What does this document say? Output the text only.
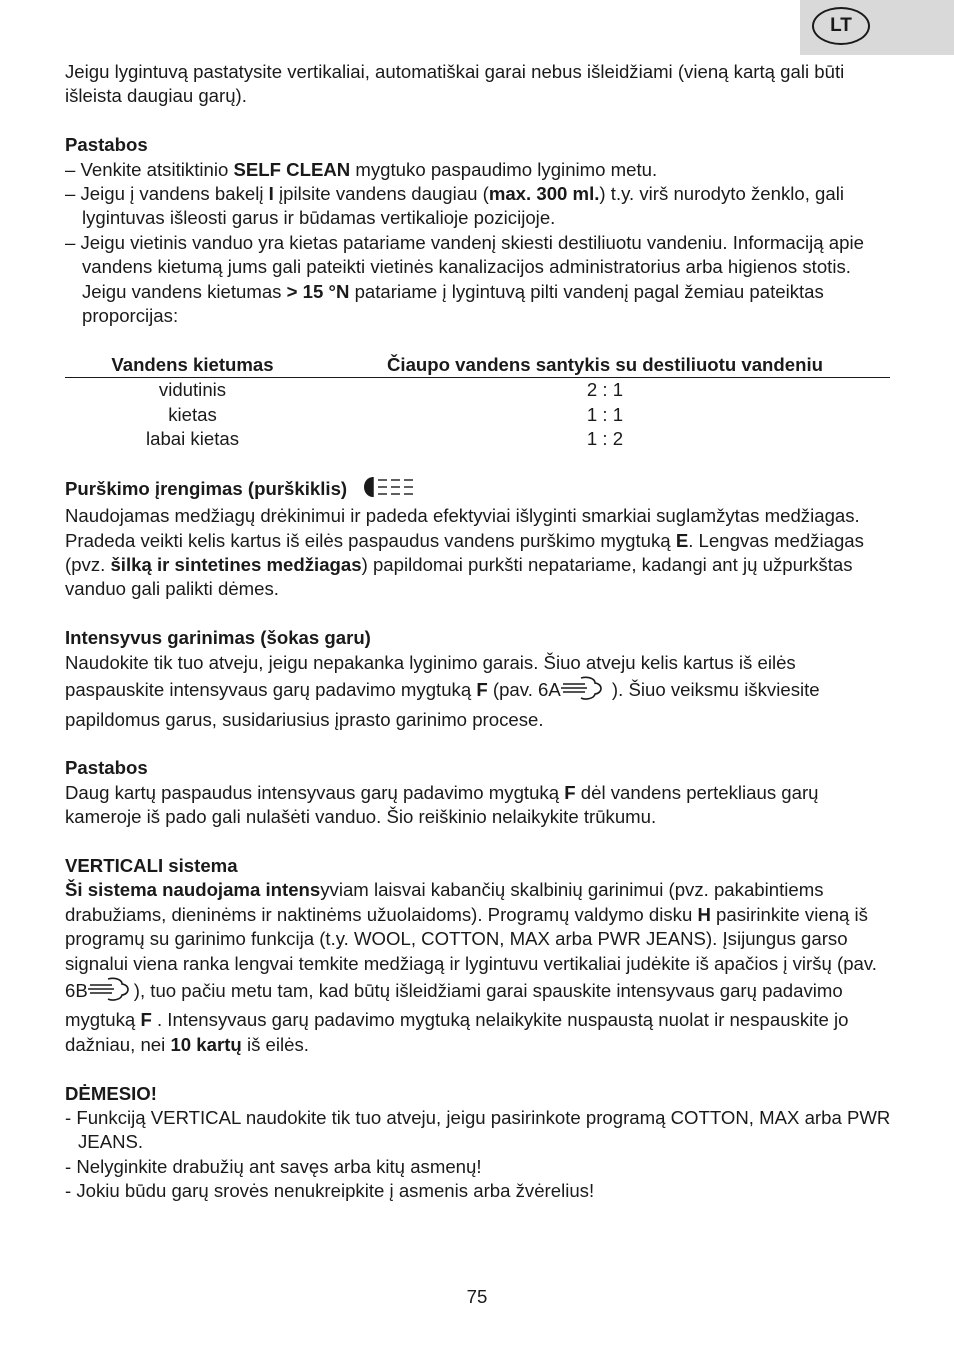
LT

Jeigu lygintuvą pastatysite vertikaliai, automatiškai garai nebus išleidžiami (vieną kartą gali būti išleista daugiau garų).

Pastabos

– Venkite atsitiktinio SELF CLEAN mygtuko paspaudimo lyginimo metu.

– Jeigu į vandens bakelį I įpilsite vandens daugiau (max. 300 ml.) t.y. virš nurodyto ženklo, gali lygintuvas išleosti garus ir būdamas vertikalioje pozicijoje.

– Jeigu vietinis vanduo yra kietas patariame vandenį skiesti destiliuotu vandeniu. Informaciją apie vandens kietumą jums gali pateikti vietinės kanalizacijos administratorius arba higienos stotis. Jeigu vandens kietumas > 15 °N patariame į lygintuvą pilti vandenį pagal žemiau pateiktas proporcijas:

Vandens kietumas	Čiaupo vandens santykis su destiliuotu vandeniu
vidutinis	2 : 1
kietas	1 : 1
labai kietas	1 : 2

Purškimo įrengimas (purškiklis)

Naudojamas medžiagų drėkinimui ir padeda efektyviai išlyginti smarkiai suglamžytas medžiagas. Pradeda veikti kelis kartus iš eilės paspaudus vandens purškimo mygtuką E. Lengvas medžiagas (pvz. šilką ir sintetines medžiagas) papildomai purkšti nepatariame, kadangi ant jų užpurkštas vanduo gali palikti dėmes.

Intensyvus garinimas (šokas garu)

Naudokite tik tuo atveju, jeigu nepakanka lyginimo garais. Šiuo atveju kelis kartus iš eilės paspauskite intensyvaus garų padavimo mygtuką F (pav. 6A ). Šiuo veiksmu iškviesite papildomus garus, susidariusius įprasto garinimo procese.

Pastabos

Daug kartų paspaudus intensyvaus garų padavimo mygtuką F dėl vandens pertekliaus garų kameroje iš pado gali nulašėti vanduo. Šio reiškinio nelaikykite trūkumu.

VERTICALI sistema

Ši sistema naudojama intensyviam laisvai kabančių skalbinių garinimui (pvz. pakabintiems drabužiams, dieninėms ir naktinėms užuolaidoms). Programų valdymo disku H pasirinkite vieną iš programų su garinimo funkcija (t.y. WOOL, COTTON, MAX arba PWR JEANS). Įsijungus garso signalui viena ranka lengvai temkite medžiagą ir lygintuvu vertikaliai judėkite iš apačios į viršų (pav. 6B ), tuo pačiu metu tam, kad būtų išleidžiami garai spauskite intensyvaus garų padavimo mygtuką F . Intensyvaus garų padavimo mygtuką nelaikykite nuspaustą nuolat ir nespauskite jo dažniau, nei 10 kartų iš eilės.

DĖMESIO!

- Funkciją VERTICAL naudokite tik tuo atveju, jeigu pasirinkote programą COTTON, MAX arba PWR JEANS.

- Nelyginkite drabužių ant savęs arba kitų asmenų!

- Jokiu būdu garų srovės nenukreipkite į asmenis arba žvėrelius!

75
